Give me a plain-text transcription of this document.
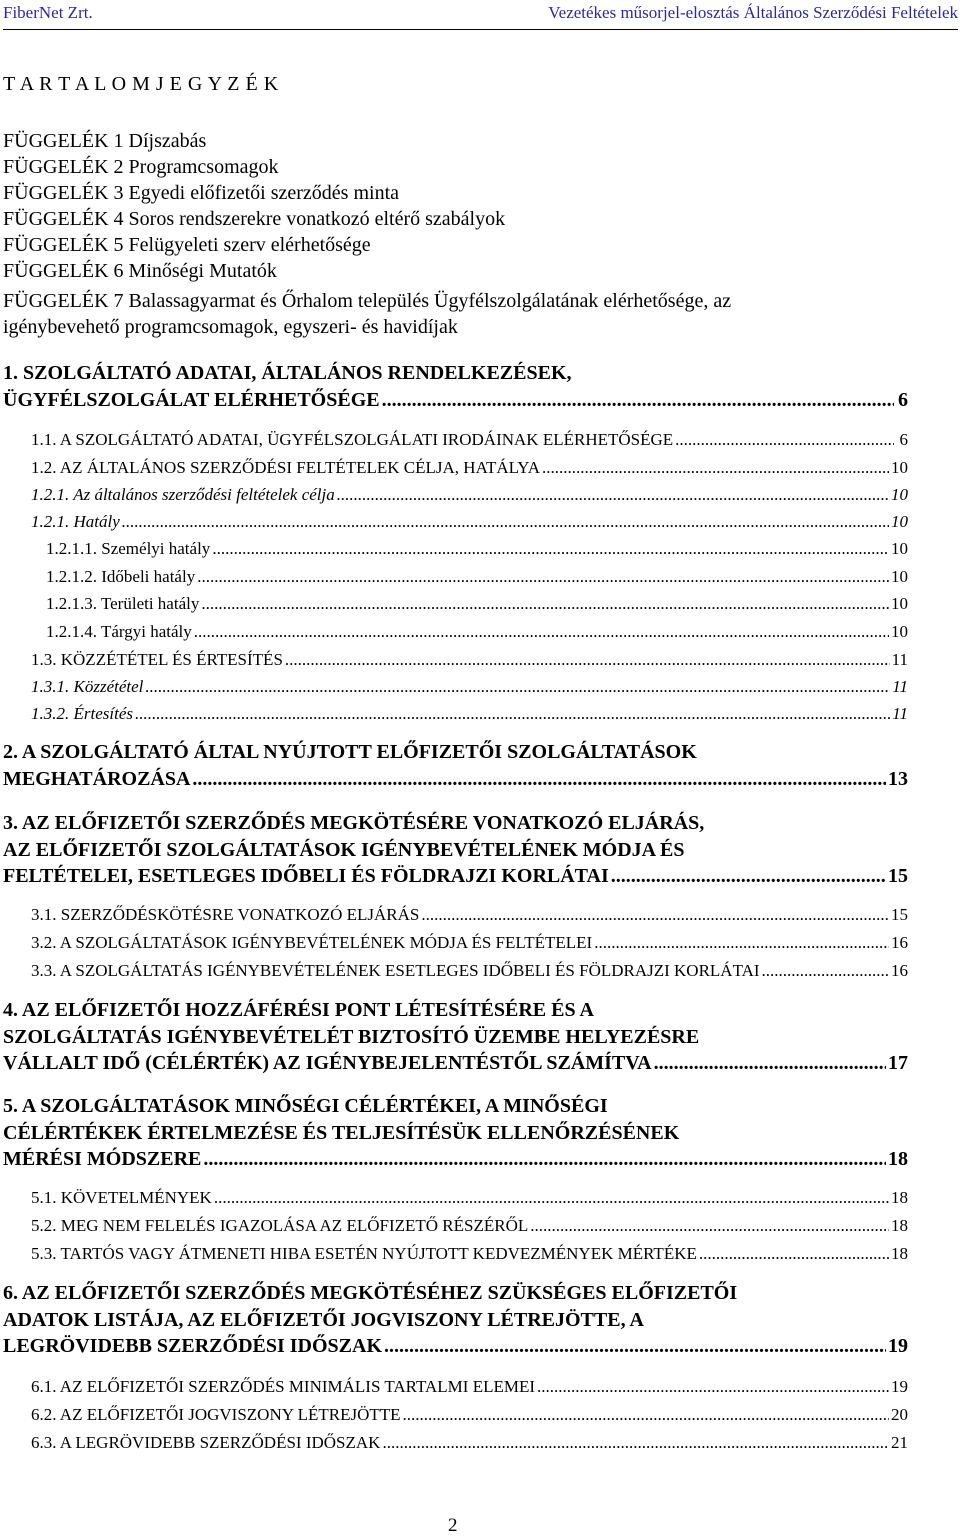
FiberNet Zrt.	Vezetékes műsorjel-elosztás Általános Szerződési Feltételek
T A R T A L O M J E G Y Z É K
FÜGGELÉK 1 Díjszabás
FÜGGELÉK 2 Programcsomagok
FÜGGELÉK 3 Egyedi előfizetői szerződés minta
FÜGGELÉK 4 Soros rendszerekre vonatkozó eltérő szabályok
FÜGGELÉK 5 Felügyeleti szerv elérhetősége
FÜGGELÉK 6 Minőségi Mutatók
FÜGGELÉK 7 Balassagyarmat és Őrhalom település Ügyfélszolgálatának elérhetősége, az
igénybevehető programcsomagok, egyszeri- és havidíjak
1. SZOLGÁLTATÓ ADATAI, ÁLTALÁNOS RENDELKEZÉSEK,
ÜGYFÉLSZOLGÁLAT ELÉRHETŐSÉGE .....	6
1.1. A SZOLGÁLTATÓ ADATAI, ÜGYFÉLSZOLGÁLATI IRODÁINAK ELÉRHETŐSÉGE .....	6
1.2. AZ ÁLTALÁNOS SZERZŐDÉSI FELTÉTELEK CÉLJA, HATÁLYA .....	10
1.2.1. Az általános szerződési feltételek célja .....	10
1.2.1. Hatály .....	10
1.2.1.1. Személyi hatály .....	10
1.2.1.2. Időbeli hatály .....	10
1.2.1.3. Területi hatály .....	10
1.2.1.4. Tárgyi hatály .....	10
1.3. KÖZZÉTÉTEL ÉS ÉRTESÍTÉS .....	11
1.3.1. Közzététel .....	11
1.3.2. Értesítés .....	11
2. A SZOLGÁLTATÓ ÁLTAL NYÚJTOTT ELŐFIZETŐI SZOLGÁLTATÁSOK
MEGHATÁROZÁSA .....	13
3. AZ ELŐFIZETŐI SZERZŐDÉS MEGKÖTÉSÉRE VONATKOZÓ ELJÁRÁS,
AZ ELŐFIZETŐI SZOLGÁLTATÁSOK IGÉNYBEVÉTELÉNEK MÓDJA ÉS
FELTÉTELEI, ESETLEGES IDŐBELI ÉS FÖLDRAJZI KORLÁTAI .....	15
3.1. SZERZŐDÉSKÖTÉSRE VONATKOZÓ ELJÁRÁS .....	15
3.2. A SZOLGÁLTATÁSOK IGÉNYBEVÉTELÉNEK MÓDJA ÉS FELTÉTELEI .....	16
3.3. A SZOLGÁLTATÁS IGÉNYBEVÉTELÉNEK ESETLEGES IDŐBELI ÉS FÖLDRAJZI KORLÁTAI .....	16
4. AZ ELŐFIZETŐI HOZZÁFÉRÉSI PONT LÉTESÍTÉSÉRE ÉS A
SZOLGÁLTATÁS IGÉNYBEVÉTELÉT BIZTOSÍTÓ ÜZEMBE HELYEZÉSRE
VÁLLALT IDŐ (CÉLÉRTÉK) AZ IGÉNYBEJELENTÉSTŐL SZÁMÍTVA .....	17
5. A SZOLGÁLTATÁSOK MINŐSÉGI CÉLÉRTÉKEI, A MINŐSÉGI
CÉLÉRTÉKEK ÉRTELMEZÉSE ÉS TELJESÍTÉSÜK ELLENŐRZÉSÉNEK
MÉRÉSI MÓDSZERE .....	18
5.1. KÖVETELMÉNYEK .....	18
5.2. MEG NEM FELELÉS IGAZOLÁSA AZ ELŐFIZETŐ RÉSZÉRŐL .....	18
5.3. TARTÓS VAGY ÁTMENETI HIBA ESETÉN NYÚJTOTT KEDVEZMÉNYEK MÉRTÉKE .....	18
6. AZ ELŐFIZETŐI SZERZŐDÉS MEGKÖTÉSÉHEZ SZÜKSÉGES ELŐFIZETŐI
ADATOK LISTÁJA, AZ ELŐFIZETŐI JOGVISZONY LÉTREJÖTTE, A
LEGRÖVIDEBB SZERZŐDÉSI IDŐSZAK .....	19
6.1. AZ ELŐFIZETŐI SZERZŐDÉS MINIMÁLIS TARTALMI ELEMEI .....	19
6.2. AZ ELŐFIZETŐI JOGVISZONY LÉTREJÖTTE .....	20
6.3. A LEGRÖVIDEBB SZERZŐDÉSI IDŐSZAK .....	21
2
